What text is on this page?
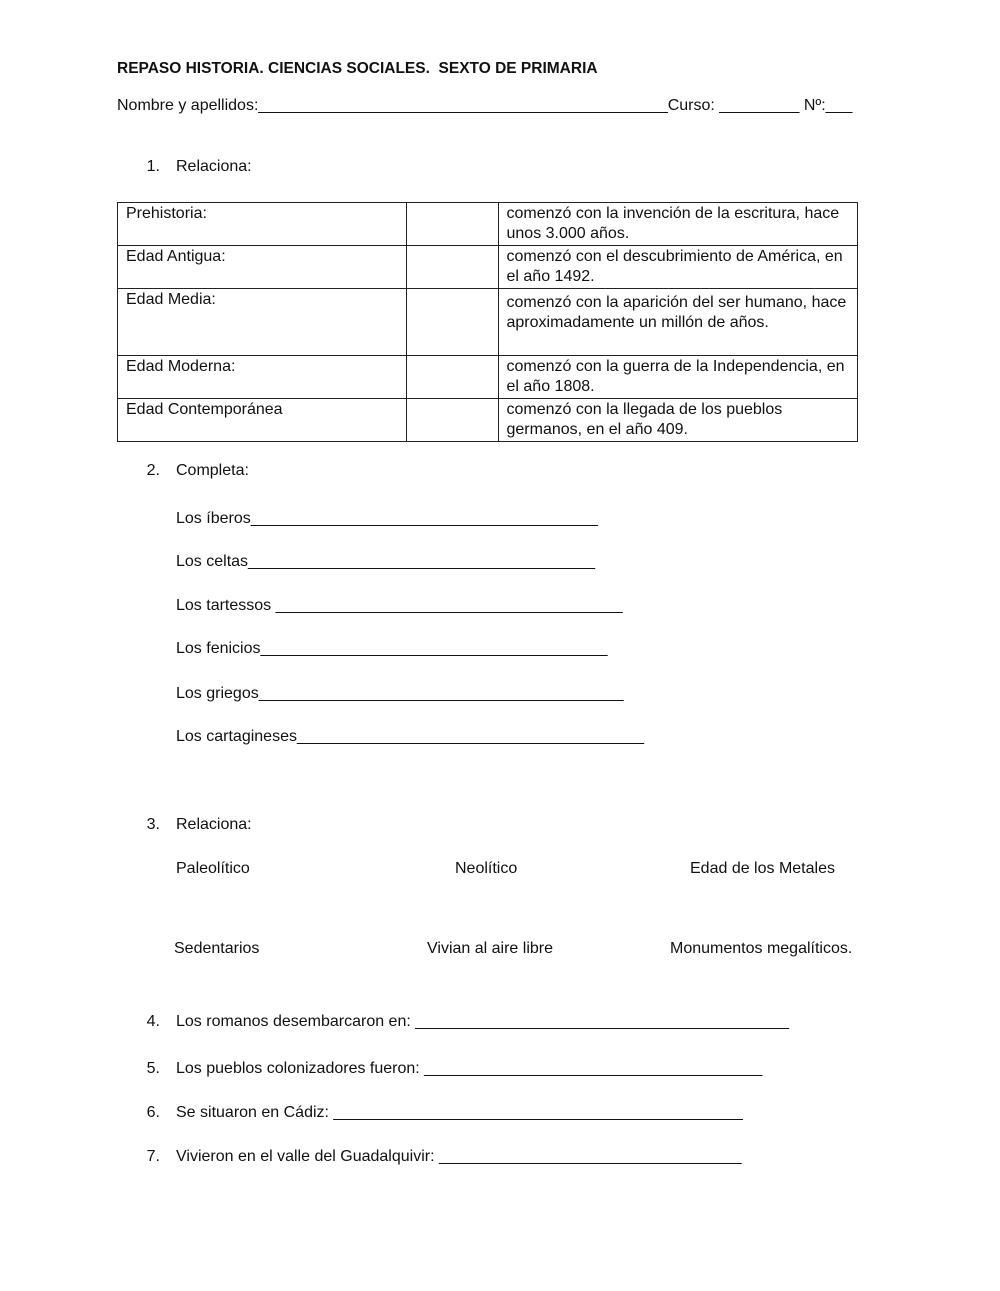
REPASO HISTORIA. CIENCIAS SOCIALES.  SEXTO DE PRIMARIA
Nombre y apellidos:______________________________________________Curso: _________ Nº:___
1. Relaciona:
Prehistoria:		comenzó con la invención de la escritura, hace unos 3.000 años.
Edad Antigua:		comenzó con el descubrimiento de América, en el año 1492.
Edad Media:		comenzó con la aparición del ser humano, hace aproximadamente un millón de años.
Edad Moderna:		comenzó con la guerra de la Independencia, en el año 1808.
Edad Contemporánea		comenzó con la llegada de los pueblos germanos, en el año 409.
2. Completa:
Los íberos_______________________________________
Los celtas_______________________________________
Los tartessos _______________________________________
Los fenicios_______________________________________
Los griegos_________________________________________
Los cartagineses_______________________________________
3. Relaciona:
Paleolítico	Neolítico	Edad de los Metales
Sedentarios	Vivian al aire libre	Monumentos megalíticos.
4. Los romanos desembarcaron en: __________________________________________
5. Los pueblos colonizadores fueron: ______________________________________
6. Se situaron en Cádiz: ______________________________________________
7. Vivieron en el valle del Guadalquivir: __________________________________
